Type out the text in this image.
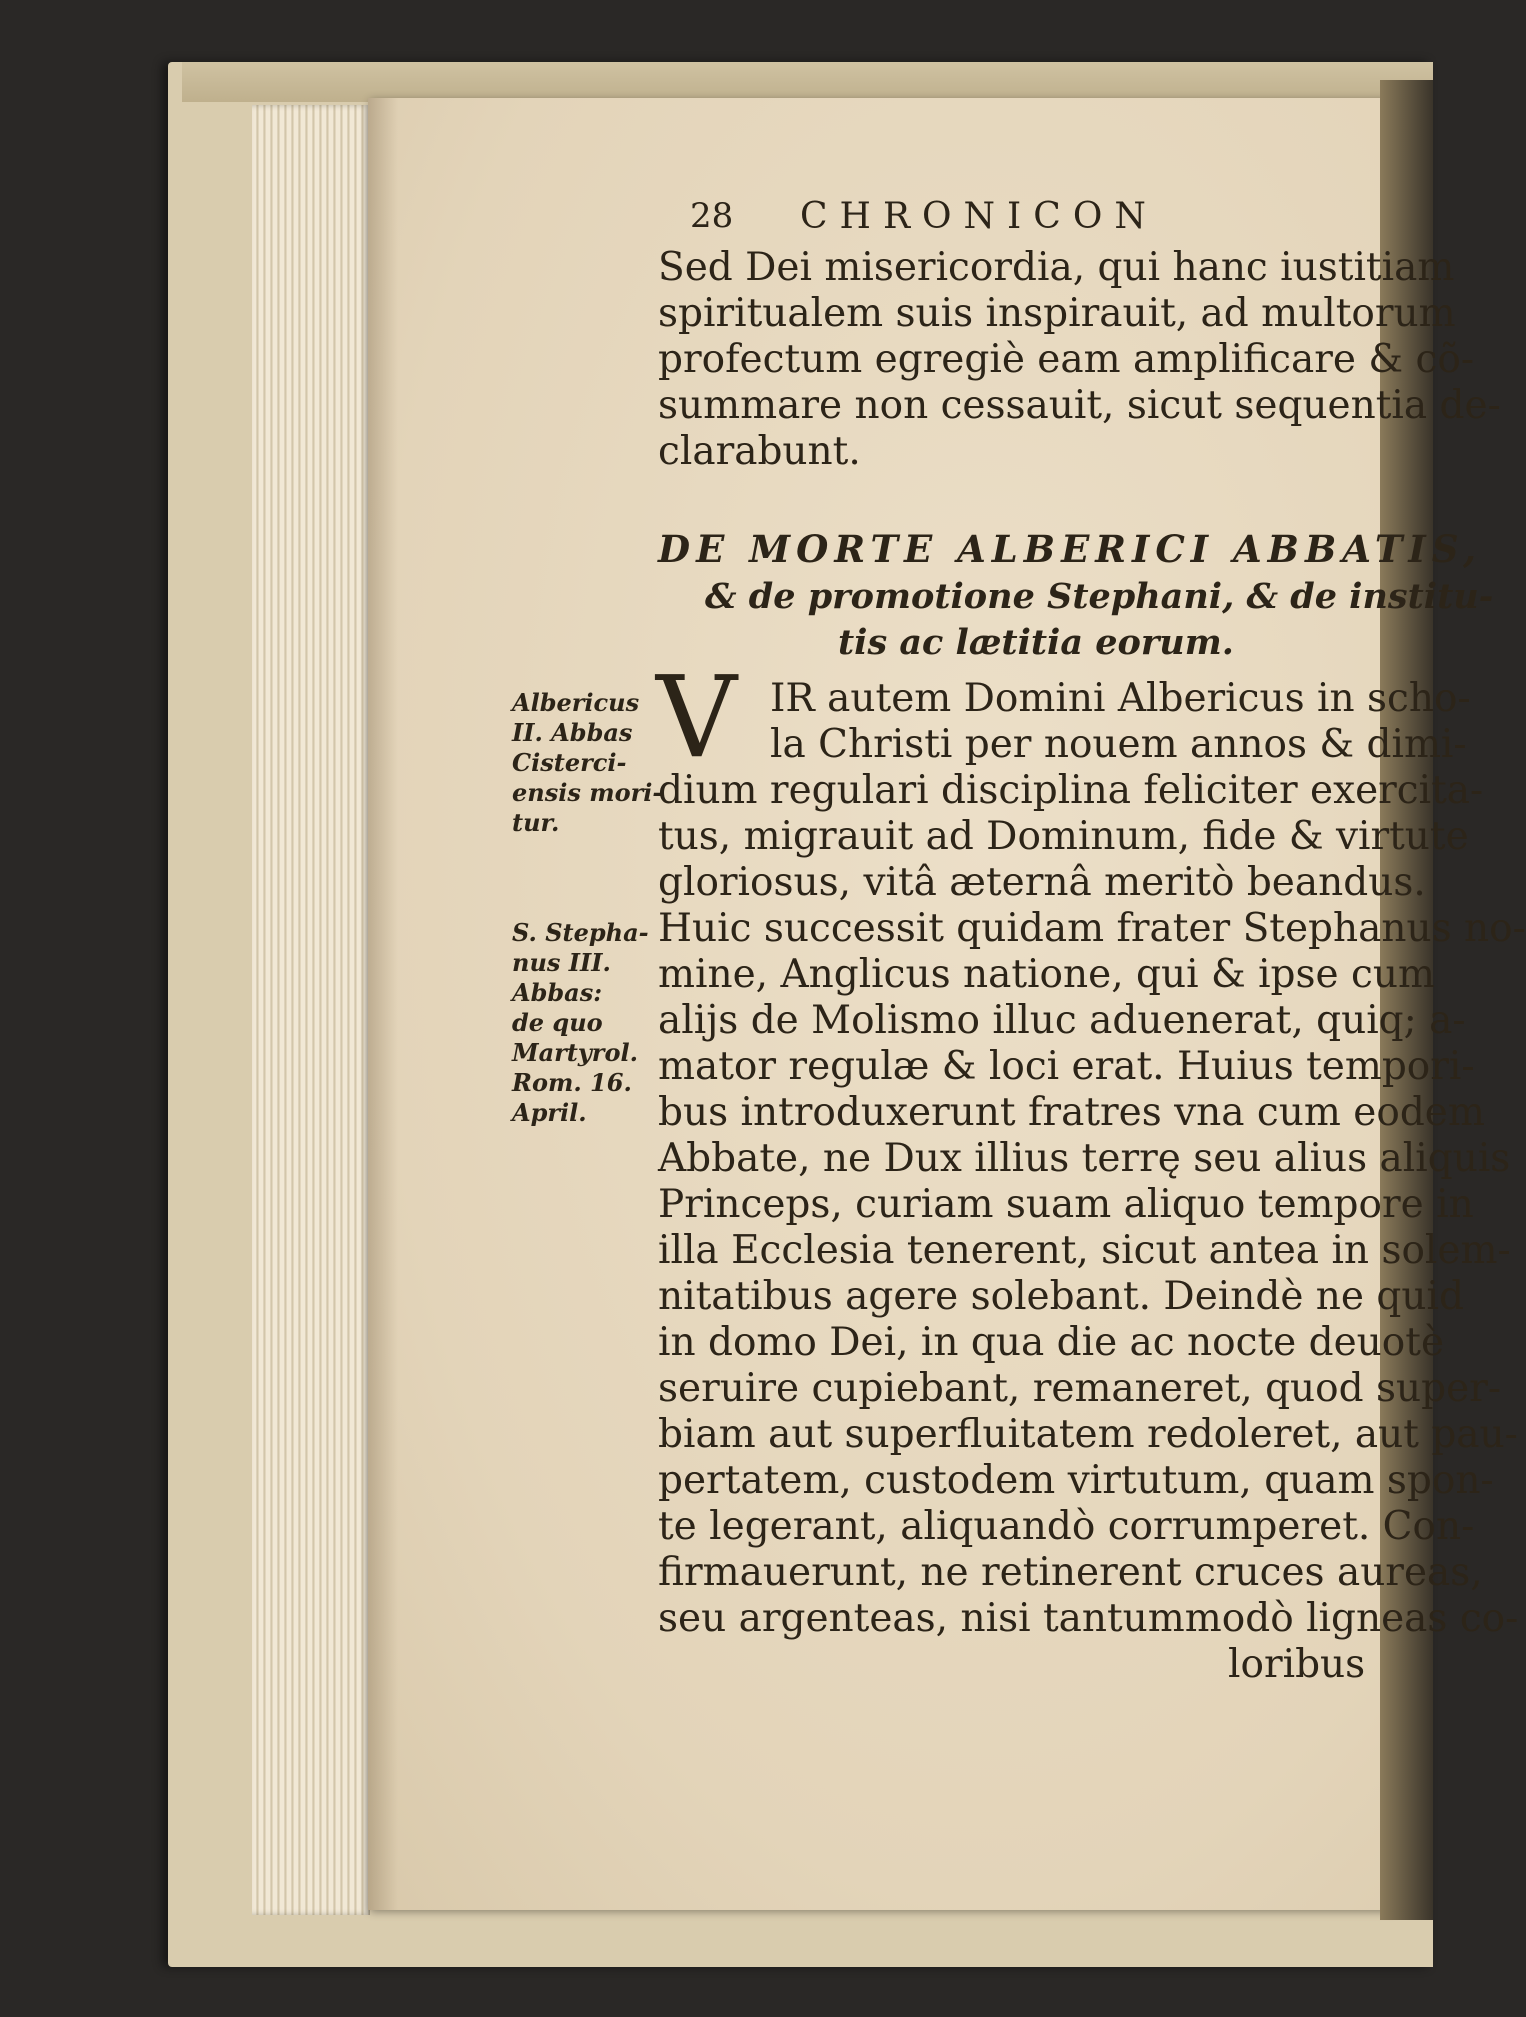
28 CHRONICON
Sed Dei misericordia, qui hanc iustitiam
spiritualem suis inspirauit, ad multorum
profectum egregiè eam amplificare & cõ-
summare non cessauit, sicut sequentia de-
clarabunt.
DE MORTE ALBERICI ABBATIS,
& de promotione Stephani, & de institu-
tis ac lætitia eorum.
V IR autem Domini Albericus in scho-
la Christi per nouem annos & dimi-
dium regulari disciplina feliciter exercita-
tus, migrauit ad Dominum, fide & virtute
gloriosus, vitâ æternâ meritò beandus.
Huic successit quidam frater Stephanus no-
mine, Anglicus natione, qui & ipse cum
alijs de Molismo illuc aduenerat, quiq; a-
mator regulæ & loci erat. Huius tempori-
bus introduxerunt fratres vna cum eodem
Abbate, ne Dux illius terrę seu alius aliquis
Princeps, curiam suam aliquo tempore in
illa Ecclesia tenerent, sicut antea in solem-
nitatibus agere solebant. Deindè ne quid
in domo Dei, in qua die ac nocte deuotè
seruire cupiebant, remaneret, quod super-
biam aut superfluitatem redoleret, aut pau-
pertatem, custodem virtutum, quam spon-
te legerant, aliquandò corrumperet. Con-
firmauerunt, ne retinerent cruces aureas,
seu argenteas, nisi tantummodò ligneas co-
loribus
Albericus
II. Abbas
Cisterci-
ensis mori-
tur.
S. Stepha-
nus III.
Abbas:
de quo
Martyrol.
Rom. 16.
April.
